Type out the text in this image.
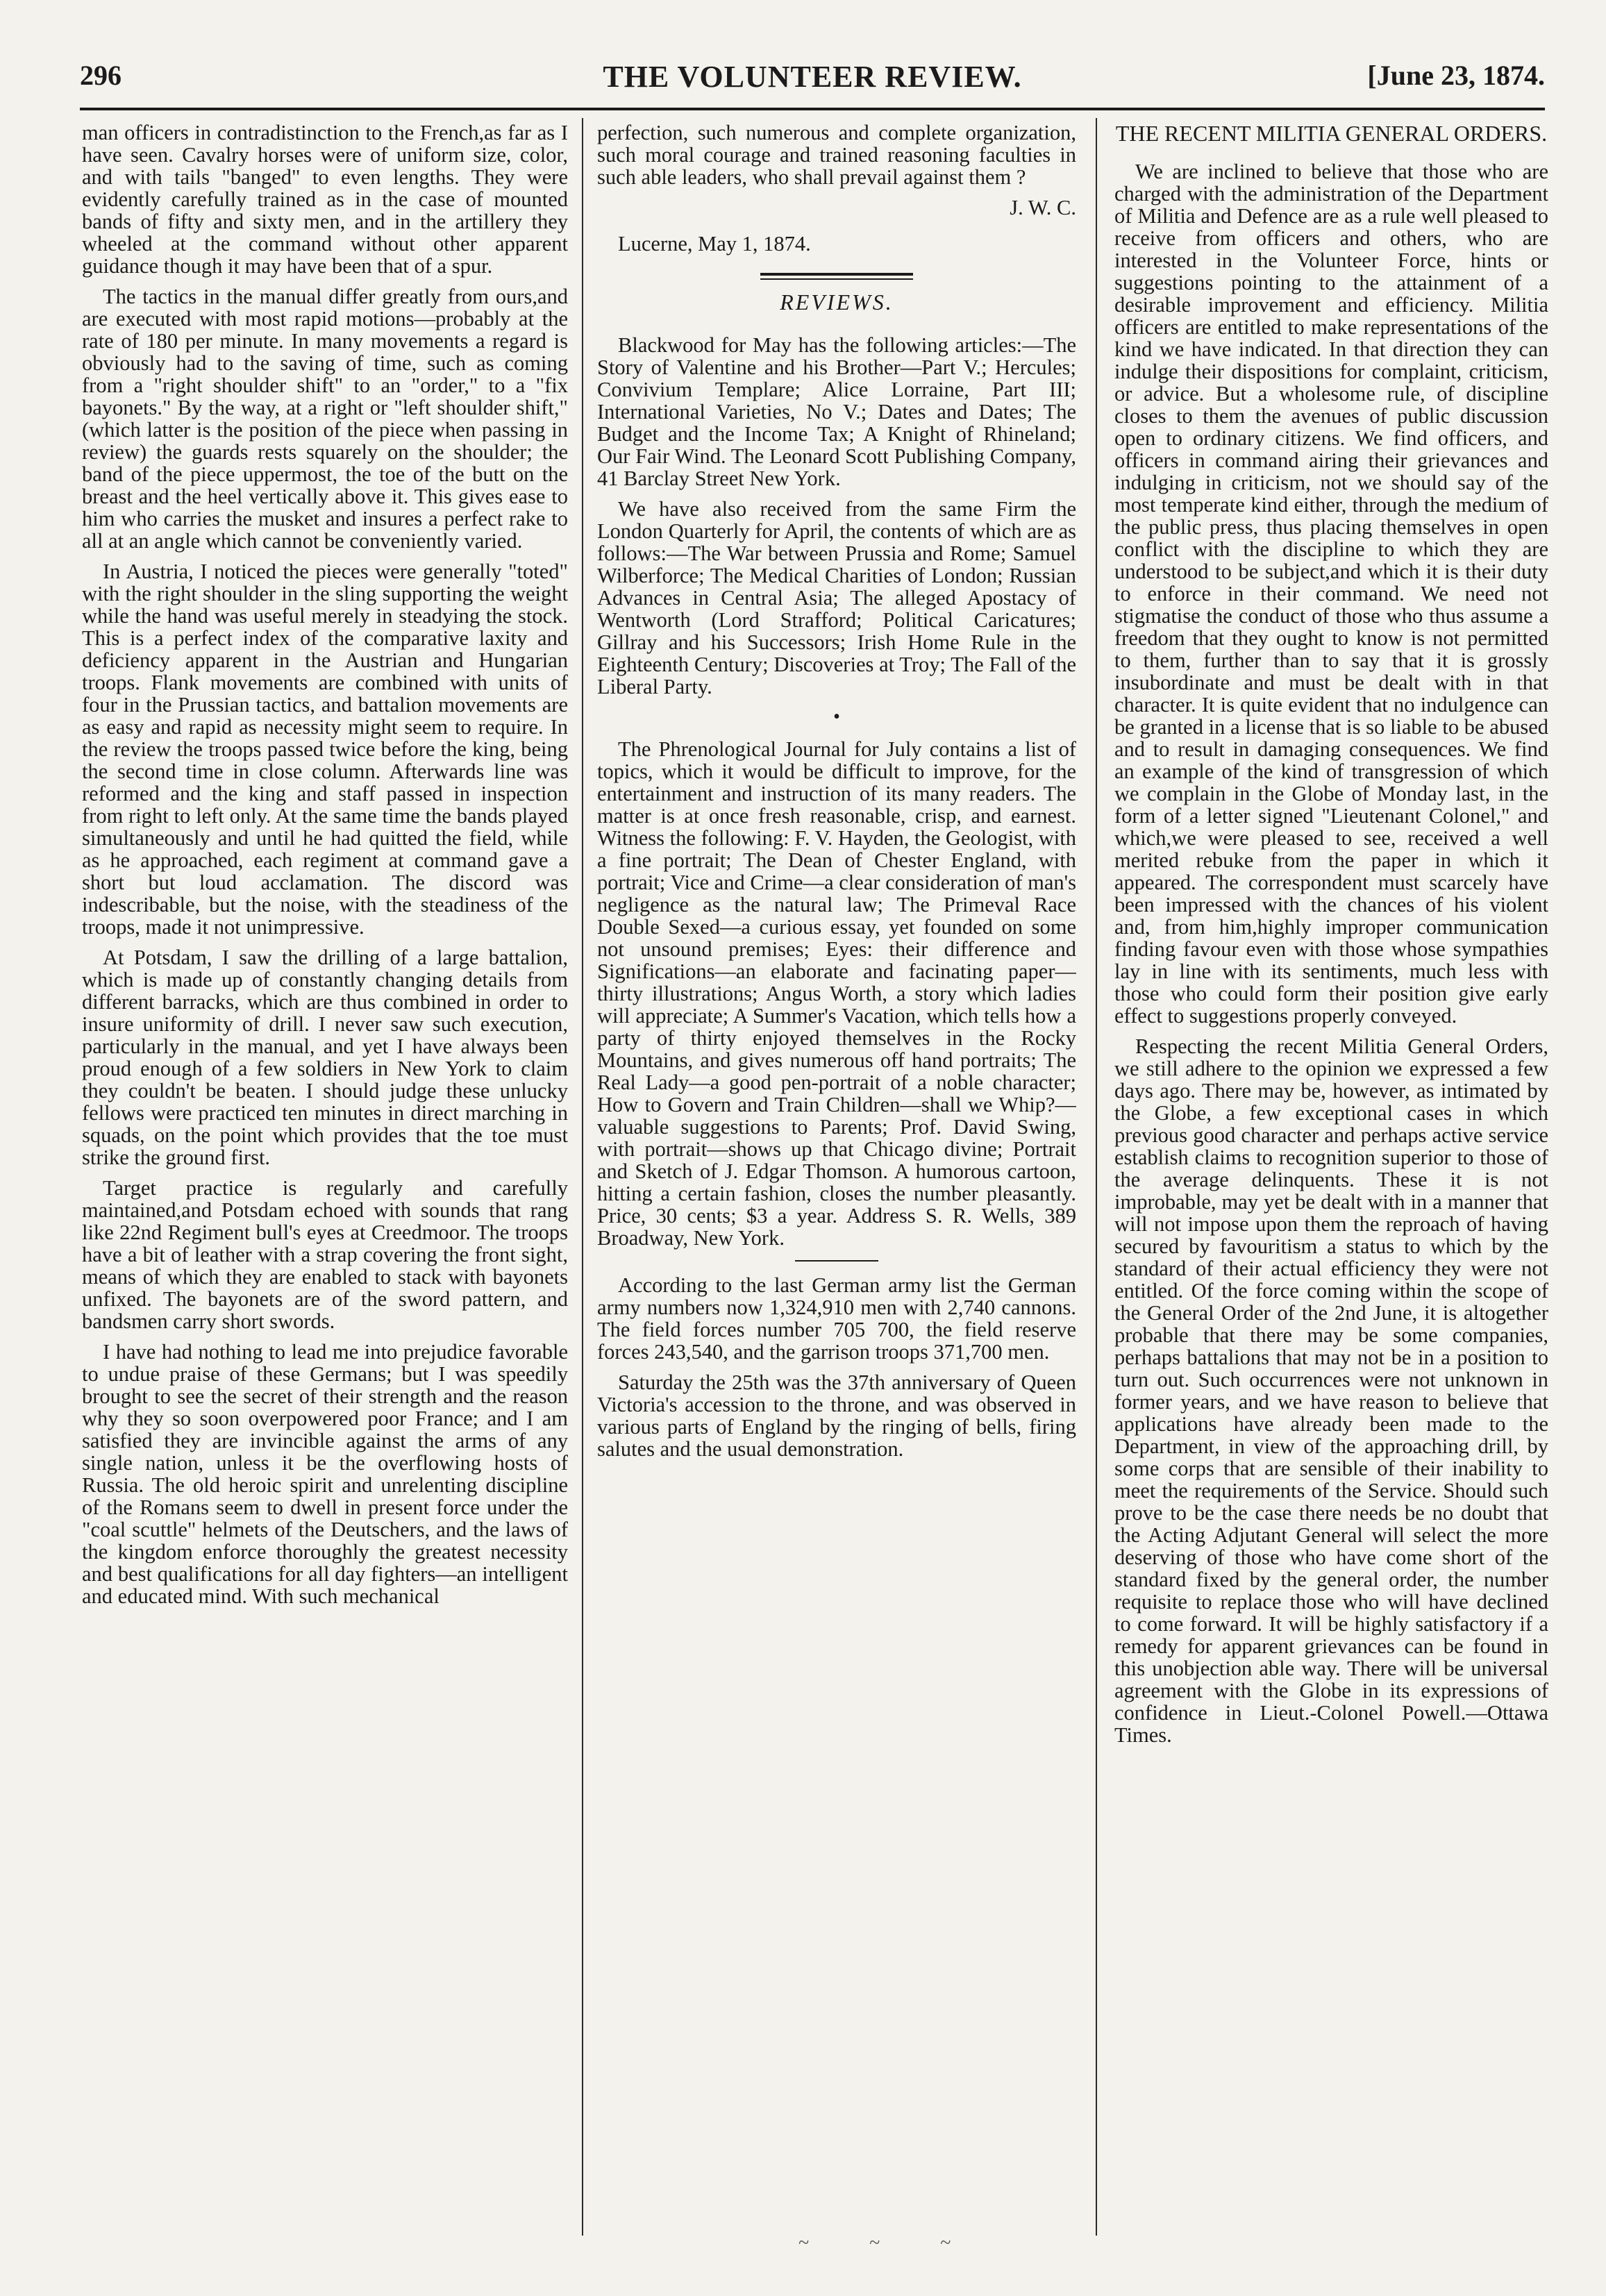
296	THE VOLUNTEER REVIEW.	[June 23, 1874.

man officers in contradistinction to the French,as far as I have seen. Cavalry horses were of uniform size, color, and with tails "banged" to even lengths. They were evidently carefully trained as in the case of mounted bands of fifty and sixty men, and in the artillery they wheeled at the command without other apparent guidance though it may have been that of a spur.

The tactics in the manual differ greatly from ours,and are executed with most rapid motions—probably at the rate of 180 per minute. In many movements a regard is obviously had to the saving of time, such as coming from a "right shoulder shift" to an "order," to a "fix bayonets." By the way, at a right or "left shoulder shift," (which latter is the position of the piece when passing in review) the guards rests squarely on the shoulder; the band of the piece uppermost, the toe of the butt on the breast and the heel vertically above it. This gives ease to him who carries the musket and insures a perfect rake to all at an angle which cannot be conveniently varied.

In Austria, I noticed the pieces were generally "toted" with the right shoulder in the sling supporting the weight while the hand was useful merely in steadying the stock. This is a perfect index of the comparative laxity and deficiency apparent in the Austrian and Hungarian troops. Flank movements are combined with units of four in the Prussian tactics, and battalion movements are as easy and rapid as necessity might seem to require. In the review the troops passed twice before the king, being the second time in close column. Afterwards line was reformed and the king and staff passed in inspection from right to left only. At the same time the bands played simultaneously and until he had quitted the field, while as he approached, each regiment at command gave a short but loud acclamation. The discord was indescribable, but the noise, with the steadiness of the troops, made it not unimpressive.

At Potsdam, I saw the drilling of a large battalion, which is made up of constantly changing details from different barracks, which are thus combined in order to insure uniformity of drill. I never saw such execution, particularly in the manual, and yet I have always been proud enough of a few soldiers in New York to claim they couldn't be beaten. I should judge these unlucky fellows were practiced ten minutes in direct marching in squads, on the point which provides that the toe must strike the ground first.

Target practice is regularly and carefully maintained,and Potsdam echoed with sounds that rang like 22nd Regiment bull's eyes at Creedmoor. The troops have a bit of leather with a strap covering the front sight, means of which they are enabled to stack with bayonets unfixed. The bayonets are of the sword pattern, and bandsmen carry short swords.

I have had nothing to lead me into prejudice favorable to undue praise of these Germans; but I was speedily brought to see the secret of their strength and the reason why they so soon overpowered poor France; and I am satisfied they are invincible against the arms of any single nation, unless it be the overflowing hosts of Russia. The old heroic spirit and unrelenting discipline of the Romans seem to dwell in present force under the "coal scuttle" helmets of the Deutschers, and the laws of the kingdom enforce thoroughly the greatest necessity and best qualifications for all day fighters—an intelligent and educated mind. With such mechanical

perfection, such numerous and complete organization, such moral courage and trained reasoning faculties in such able leaders, who shall prevail against them ?

J. W. C.
Lucerne, May 1, 1874.
REVIEWS.

Blackwood for May has the following articles:—The Story of Valentine and his Brother—Part V.; Hercules; Convivium Templare; Alice Lorraine, Part III; International Varieties, No V.; Dates and Dates; The Budget and the Income Tax; A Knight of Rhineland; Our Fair Wind. The Leonard Scott Publishing Company, 41 Barclay Street New York.

We have also received from the same Firm the London Quarterly for April, the contents of which are as follows:—The War between Prussia and Rome; Samuel Wilberforce; The Medical Charities of London; Russian Advances in Central Asia; The alleged Apostacy of Wentworth (Lord Strafford; Political Caricatures; Gillray and his Successors; Irish Home Rule in the Eighteenth Century; Discoveries at Troy; The Fall of the Liberal Party.

•

The Phrenological Journal for July contains a list of topics, which it would be difficult to improve, for the entertainment and instruction of its many readers. The matter is at once fresh reasonable, crisp, and earnest. Witness the following: F. V. Hayden, the Geologist, with a fine portrait; The Dean of Chester England, with portrait; Vice and Crime—a clear consideration of man's negligence as the natural law; The Primeval Race Double Sexed—a curious essay, yet founded on some not unsound premises; Eyes: their difference and Significations—an elaborate and facinating paper—thirty illustrations; Angus Worth, a story which ladies will appreciate; A Summer's Vacation, which tells how a party of thirty enjoyed themselves in the Rocky Mountains, and gives numerous off hand portraits; The Real Lady—a good pen-portrait of a noble character; How to Govern and Train Children—shall we Whip?—valuable suggestions to Parents; Prof. David Swing, with portrait—shows up that Chicago divine; Portrait and Sketch of J. Edgar Thomson. A humorous cartoon, hitting a certain fashion, closes the number pleasantly. Price, 30 cents; $3 a year. Address S. R. Wells, 389 Broadway, New York.

According to the last German army list the German army numbers now 1,324,910 men with 2,740 cannons. The field forces number 705 700, the field reserve forces 243,540, and the garrison troops 371,700 men.

Saturday the 25th was the 37th anniversary of Queen Victoria's accession to the throne, and was observed in various parts of England by the ringing of bells, firing salutes and the usual demonstration.

THE RECENT MILITIA GENERAL ORDERS.

We are inclined to believe that those who are charged with the administration of the Department of Militia and Defence are as a rule well pleased to receive from officers and others, who are interested in the Volunteer Force, hints or suggestions pointing to the attainment of a desirable improvement and efficiency. Militia officers are entitled to make representations of the kind we have indicated. In that direction they can indulge their dispositions for complaint, criticism, or advice. But a wholesome rule, of discipline closes to them the avenues of public discussion open to ordinary citizens. We find officers, and officers in command airing their grievances and indulging in criticism, not we should say of the most temperate kind either, through the medium of the public press, thus placing themselves in open conflict with the discipline to which they are understood to be subject,and which it is their duty to enforce in their command. We need not stigmatise the conduct of those who thus assume a freedom that they ought to know is not permitted to them, further than to say that it is grossly insubordinate and must be dealt with in that character. It is quite evident that no indulgence can be granted in a license that is so liable to be abused and to result in damaging consequences. We find an example of the kind of transgression of which we complain in the Globe of Monday last, in the form of a letter signed "Lieutenant Colonel," and which,we were pleased to see, received a well merited rebuke from the paper in which it appeared. The correspondent must scarcely have been impressed with the chances of his violent and, from him,highly improper communication finding favour even with those whose sympathies lay in line with its sentiments, much less with those who could form their position give early effect to suggestions properly conveyed.

Respecting the recent Militia General Orders, we still adhere to the opinion we expressed a few days ago. There may be, however, as intimated by the Globe, a few exceptional cases in which previous good character and perhaps active service establish claims to recognition superior to those of the average delinquents. These it is not improbable, may yet be dealt with in a manner that will not impose upon them the reproach of having secured by favouritism a status to which by the standard of their actual efficiency they were not entitled. Of the force coming within the scope of the General Order of the 2nd June, it is altogether probable that there may be some companies, perhaps battalions that may not be in a position to turn out. Such occurrences were not unknown in former years, and we have reason to believe that applications have already been made to the Department, in view of the approaching drill, by some corps that are sensible of their inability to meet the requirements of the Service. Should such prove to be the case there needs be no doubt that the Acting Adjutant General will select the more deserving of those who have come short of the standard fixed by the general order, the number requisite to replace those who will have declined to come forward. It will be highly satisfactory if a remedy for apparent grievances can be found in this unobjection able way. There will be universal agreement with the Globe in its expressions of confidence in Lieut.-Colonel Powell.—Ottawa Times.

~ ~ ~
